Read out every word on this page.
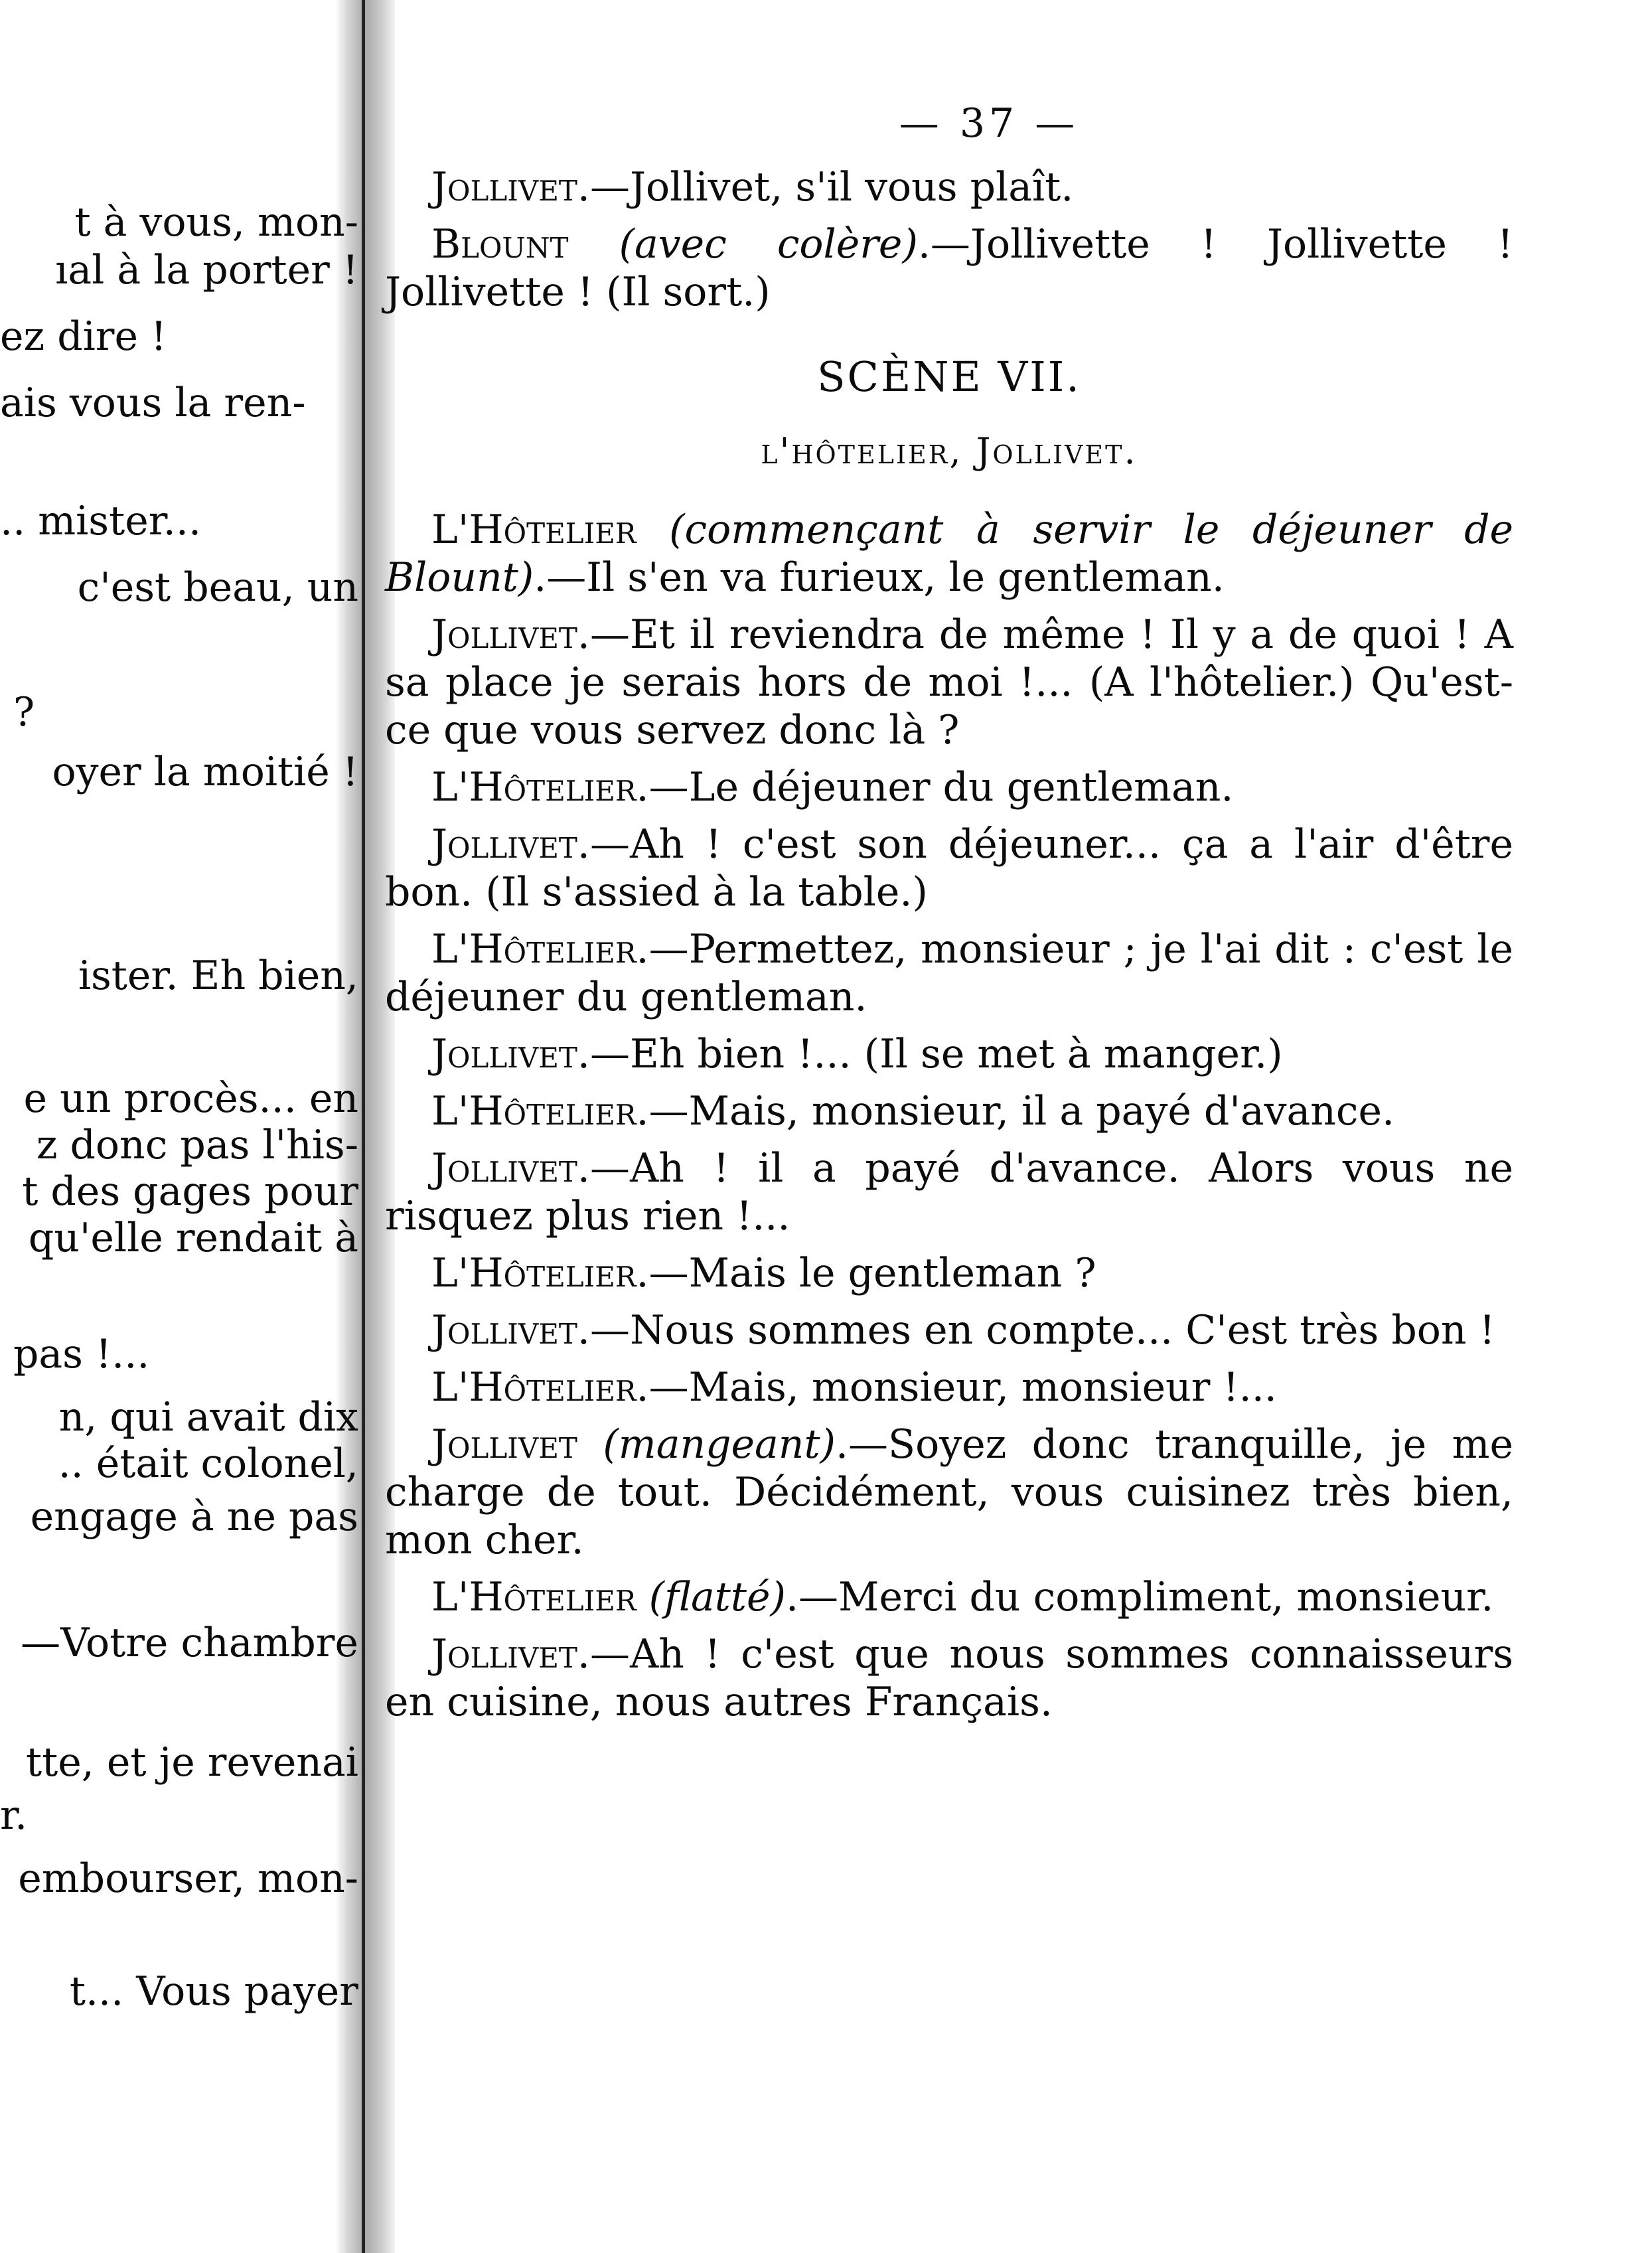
t à vous, mon-
ıal à la porter !
ez dire !
ais vous la ren-
.. mister...
c'est beau, un
?
oyer la moitié !
ister. Eh bien,
e un procès... en
z donc pas l'his-
t des gages pour
qu'elle rendait à
pas !...
n, qui avait dix
.. était colonel,
engage à ne pas
—Votre chambre
tte, et je revenai
r.
embourser, mon-
t... Vous payer
— 37 —

Jollivet.—Jollivet, s'il vous plaît.

Blount (avec colère).—Jollivette ! Jollivette ! Jollivette ! (Il sort.)

SCÈNE VII.
l'hôtelier, Jollivet.

L'Hôtelier (commençant à servir le déjeuner de Blount).—Il s'en va furieux, le gentleman.

Jollivet.—Et il reviendra de même ! Il y a de quoi ! A sa place je serais hors de moi !... (A l'hôtelier.) Qu'est-ce que vous servez donc là ?

L'Hôtelier.—Le déjeuner du gentleman.

Jollivet.—Ah ! c'est son déjeuner... ça a l'air d'être bon. (Il s'assied à la table.)

L'Hôtelier.—Permettez, monsieur ; je l'ai dit : c'est le déjeuner du gentleman.

Jollivet.—Eh bien !... (Il se met à manger.)

L'Hôtelier.—Mais, monsieur, il a payé d'avance.

Jollivet.—Ah ! il a payé d'avance. Alors vous ne risquez plus rien !...

L'Hôtelier.—Mais le gentleman ?

Jollivet.—Nous sommes en compte... C'est très bon !

L'Hôtelier.—Mais, monsieur, monsieur !...

Jollivet (mangeant).—Soyez donc tranquille, je me charge de tout. Décidément, vous cuisinez très bien, mon cher.

L'Hôtelier (flatté).—Merci du compliment, monsieur.

Jollivet.—Ah ! c'est que nous sommes connaisseurs en cuisine, nous autres Français.
